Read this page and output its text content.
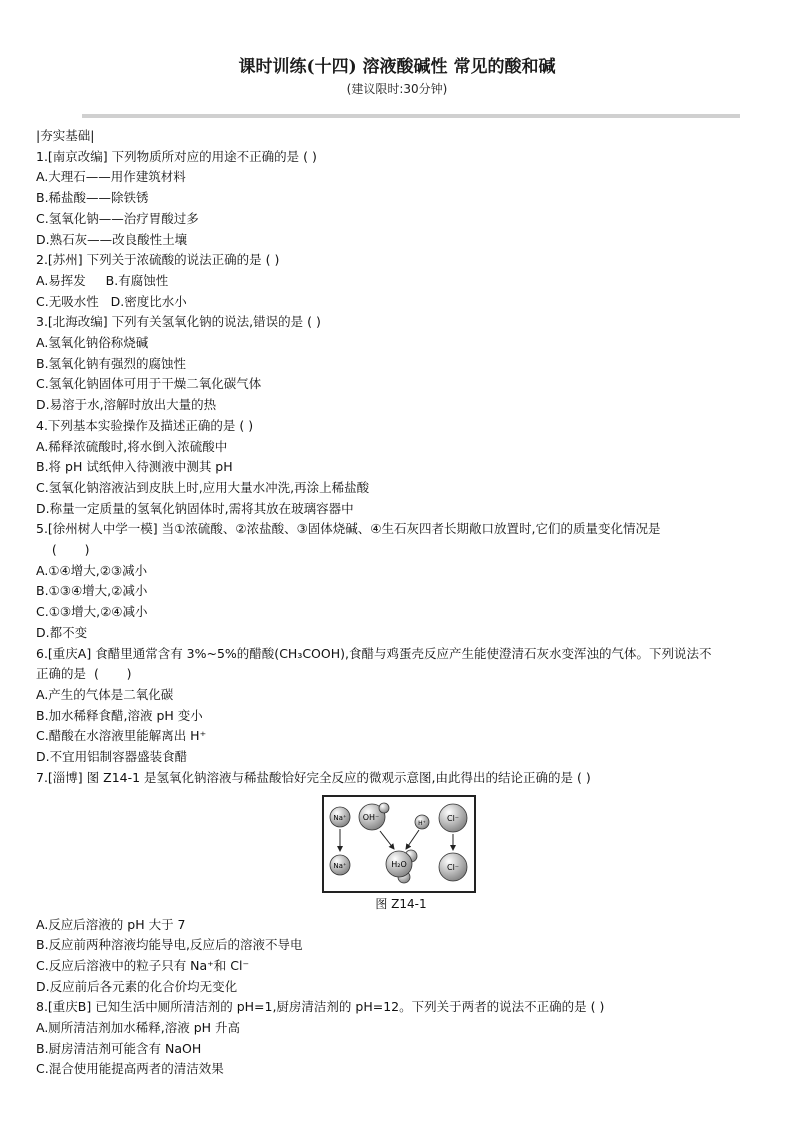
课时训练(十四) 溶液酸碱性 常见的酸和碱
(建议限时:30分钟)
|夯实基础|
1.[南京改编] 下列物质所对应的用途不正确的是 ( )
A.大理石——用作建筑材料
B.稀盐酸——除铁锈
C.氢氧化钠——治疗胃酸过多
D.熟石灰——改良酸性土壤
2.[苏州] 下列关于浓硫酸的说法正确的是 ( )
A.易挥发     B.有腐蚀性
C.无吸水性   D.密度比水小
3.[北海改编] 下列有关氢氧化钠的说法,错误的是 ( )
A.氢氧化钠俗称烧碱
B.氢氧化钠有强烈的腐蚀性
C.氢氧化钠固体可用于干燥二氧化碳气体
D.易溶于水,溶解时放出大量的热
4.下列基本实验操作及描述正确的是 ( )
A.稀释浓硫酸时,将水倒入浓硫酸中
B.将 pH 试纸伸入待测液中测其 pH
C.氢氧化钠溶液沾到皮肤上时,应用大量水冲洗,再涂上稀盐酸
D.称量一定质量的氢氧化钠固体时,需将其放在玻璃容器中
5.[徐州树人中学一模] 当①浓硫酸、②浓盐酸、③固体烧碱、④生石灰四者长期敞口放置时,它们的质量变化情况是
(       )
A.①④增大,②③减小
B.①③④增大,②减小
C.①③增大,②④减小
D.都不变
6.[重庆A] 食醋里通常含有 3%~5%的醋酸(CH₃COOH),食醋与鸡蛋壳反应产生能使澄清石灰水变浑浊的气体。下列说法不
正确的是  (       )
A.产生的气体是二氧化碳
B.加水稀释食醋,溶液 pH 变小
C.醋酸在水溶液里能解离出 H⁺
D.不宜用铝制容器盛装食醋
7.[淄博] 图 Z14-1 是氢氧化钠溶液与稀盐酸恰好完全反应的微观示意图,由此得出的结论正确的是 ( )
Na⁺ OH⁻
H⁺
Cl⁻
Na⁺	H₂O	Cl⁻
图 Z14-1
A.反应后溶液的 pH 大于 7
B.反应前两种溶液均能导电,反应后的溶液不导电
C.反应后溶液中的粒子只有 Na⁺和 Cl⁻
D.反应前后各元素的化合价均无变化
8.[重庆B] 已知生活中厕所清洁剂的 pH=1,厨房清洁剂的 pH=12。下列关于两者的说法不正确的是 ( )
A.厕所清洁剂加水稀释,溶液 pH 升高
B.厨房清洁剂可能含有 NaOH
C.混合使用能提高两者的清洁效果
